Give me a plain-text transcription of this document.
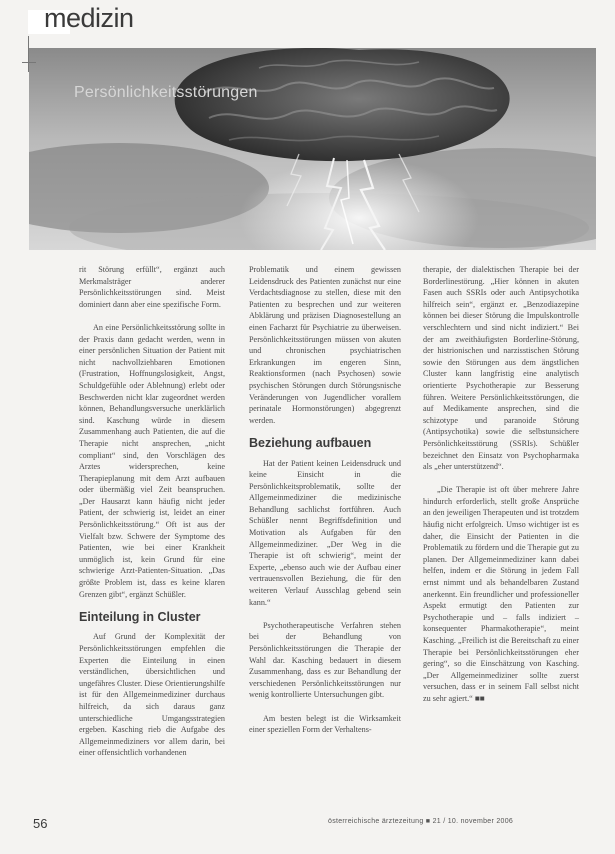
medizin
Persönlichkeitsstörungen

rit Störung erfüllt“, ergänzt auch Merkmalsträger anderer Persönlichkeitsstörungen sind. Meist dominiert dann aber eine spezifische Form.

An eine Persönlichkeitsstörung sollte in der Praxis dann gedacht werden, wenn in einer persönlichen Situation der Patient mit nicht nachvollziehbaren Emotionen (Frustration, Hoffnungslosigkeit, Angst, Schuldgefühle oder Ablehnung) erlebt oder Beschwerden nicht klar zugeordnet werden können, Behandlungsversuche unerklärlich sind. Kaschung würde in diesem Zusammenhang auch Patienten, die auf die Therapie nicht ansprechen, „nicht compliant“ sind, den Vorschlägen des Arztes widersprechen, keine Therapieplanung mit dem Arzt aufbauen oder übermäßig viel Zeit beanspruchen. „Der Hausarzt kann häufig nicht jeder Patient, der schwierig ist, leidet an einer Persönlichkeitsstörung.“ Oft ist aus der Vielfalt bzw. Schwere der Symptome des Patienten, wie bei einer Krankheit unmöglich ist, kein Grund für eine schwierige Arzt-Patienten-Situation. „Das größte Problem ist, dass es keine klaren Grenzen gibt“, ergänzt Schüßler.

Einteilung in Cluster

Auf Grund der Komplexität der Persönlichkeitsstörungen empfehlen die Experten die Einteilung in einen verständlichen, übersichtlichen und ungefähres Cluster. Diese Orientierungshilfe ist für den Allgemeinmediziner durchaus hilfreich, da sich daraus ganz unterschiedliche Umgangsstrategien ergeben. Kasching rieb die Aufgabe des Allgemeinmediziners vor allem darin, bei einer offensichtlich vorhandenen

Problematik und einem gewissen Leidensdruck des Patienten zunächst nur eine Verdachtsdiagnose zu stellen, diese mit den Patienten zu besprechen und zur weiteren Abklärung und präzisen Diagnosestellung an einen Facharzt für Psychiatrie zu überweisen. Persönlichkeitsstörungen müssen von akuten und chronischen psychiatrischen Erkrankungen im engeren Sinn, Reaktionsformen (nach Psychosen) sowie psychischen Störungen durch Störungsnische Veränderungen von Jugendlicher vorallem perinatale Hormonstörungen) abgegrenzt werden.

Beziehung aufbauen

Hat der Patient keinen Leidensdruck und keine Einsicht in die Persönlichkeitsproblematik, sollte der Allgemeinmediziner die medizinische Behandlung sachlichst fortführen. Auch Schüßler nennt Begriffsdefinition und Motivation als Aufgaben für den Allgemeinmediziner. „Der Weg in die Therapie ist oft schwierig“, meint der Experte, „ebenso auch wie der Aufbau einer vertrauensvollen Beziehung, die für den weiteren Verlauf Ausschlag gebend sein kann.“

Psychotherapeutische Verfahren stehen bei der Behandlung von Persönlichkeitsstörungen die Therapie der Wahl dar. Kasching bedauert in diesem Zusammenhang, dass es zur Behandlung der verschiedenen Persönlichkeitsstörungen nur wenig kontrollierte Untersuchungen gibt.

Am besten belegt ist die Wirksamkeit einer speziellen Form der Verhaltens-

therapie, der dialektischen Therapie bei der Borderlinestörung. „Hier können in akuten Fasen auch SSRIs oder auch Antipsychotika hilfreich sein“, ergänzt er. „Benzodiazepine können bei dieser Störung die Impulskontrolle verschlechtern und sind nicht indiziert.“ Bei der am zweithäufigsten Borderline-Störung, der histrionischen und narzisstischen Störung sowie den Störungen aus dem ängstlichen Cluster kann langfristig eine analytisch orientierte Psychotherapie zur Besserung führen. Weitere Persönlichkeitsstörungen, die auf Medikamente ansprechen, sind die schizotype und paranoide Störung (Antipsychotika) sowie die selbstunsichere Persönlichkeitsstörung (SSRIs). Schüßler bezeichnet den Einsatz von Psychopharmaka als „eher unterstützend“.

„Die Therapie ist oft über mehrere Jahre hindurch erforderlich, stellt große Ansprüche an den jeweiligen Therapeuten und ist trotzdem häufig nicht erfolgreich. Umso wichtiger ist es daher, die Einsicht der Patienten in die Problematik zu fördern und die Therapie gut zu planen. Der Allgemeinmediziner kann dabei helfen, indem er die Störung in jedem Fall ernst nimmt und als behandelbaren Zustand anerkennt. Ein freundlicher und professioneller Aspekt ermutigt den Patienten zur Psychotherapie und – falls indiziert – konsequenter Pharmakotherapie“, meint Kasching. „Freilich ist die Bereitschaft zu einer Therapie bei Persönlichkeitsstörungen eher gering“, so die Einschätzung von Kasching. „Der Allgemeinmediziner sollte zuerst versuchen, dass er in seinem Fall selbst nicht zu sehr agiert.“ ■■

56	österreichische ärztezeitung ■ 21 / 10. november 2006
